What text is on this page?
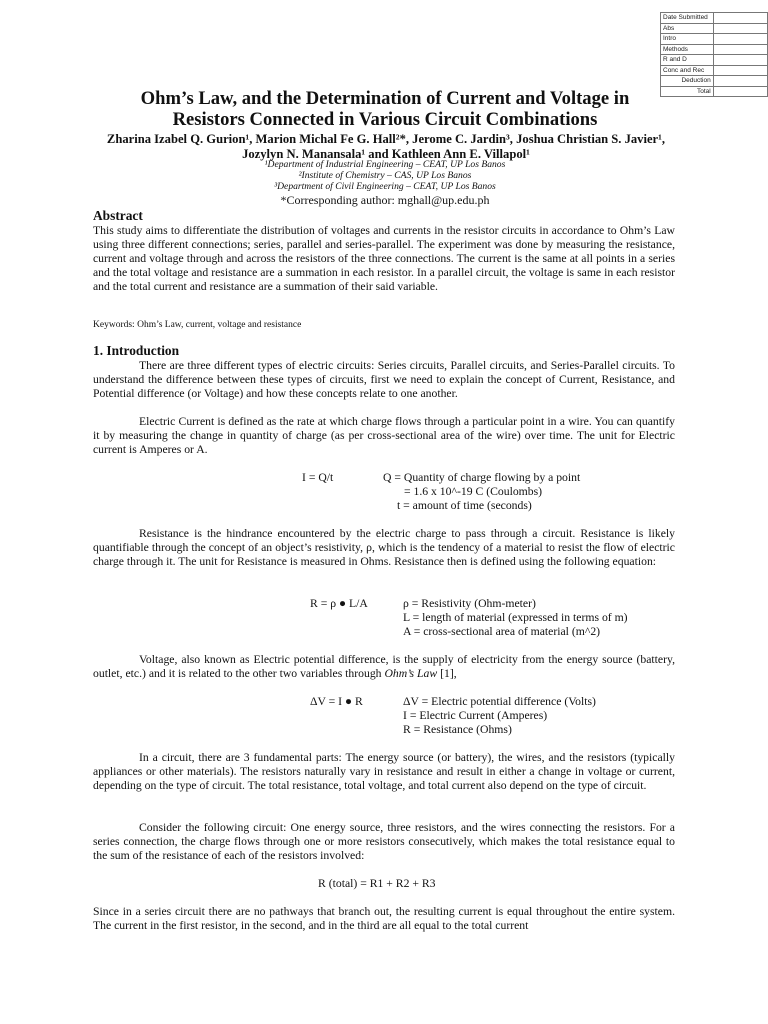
Date Submitted	
Abs	
Intro	
Methods	
R and D	
Conc and Rec	
Deduction	
Total	
Ohm’s Law, and the Determination of Current and Voltage in
Resistors Connected in Various Circuit Combinations
Zharina Izabel Q. Gurion¹, Marion Michal Fe G. Hall²*, Jerome C. Jardin³, Joshua Christian S. Javier¹,
Jozylyn N. Manansala¹ and Kathleen Ann E. Villapol¹
¹Department of Industrial Engineering – CEAT, UP Los Banos
²Institute of Chemistry – CAS, UP Los Banos
³Department of Civil Engineering – CEAT, UP Los Banos
*Corresponding author: mghall@up.edu.ph
Abstract

This study aims to differentiate the distribution of voltages and currents in the resistor circuits in accordance to Ohm’s Law using three different connections; series, parallel and series-parallel. The experiment was done by measuring the resistance, current and voltage through and across the resistors of the three connections. The current is the same at all points in a series and the total voltage and resistance are a summation in each resistor. In a parallel circuit, the voltage is same in each resistor and the total current and resistance are a summation of their said variable.

Keywords: Ohm’s Law, current, voltage and resistance
1. Introduction

There are three different types of electric circuits: Series circuits, Parallel circuits, and Series-Parallel circuits. To understand the difference between these types of circuits, first we need to explain the concept of Current, Resistance, and Potential difference (or Voltage) and how these concepts relate to one another.

Electric Current is defined as the rate at which charge flows through a particular point in a wire. You can quantify it by measuring the change in quantity of charge (as per cross-sectional area of the wire) over time. The unit for Electric current is Amperes or A.

I = Q/t	Q = Quantity of charge flowing by a point
= 1.6 x 10^-19 C (Coulombs)
t = amount of time (seconds)

Resistance is the hindrance encountered by the electric charge to pass through a circuit. Resistance is likely quantifiable through the concept of an object’s resistivity, ρ, which is the tendency of a material to resist the flow of electric charge through it. The unit for Resistance is measured in Ohms. Resistance then is defined using the following equation:

R = ρ ● L/A	ρ = Resistivity (Ohm-meter)
L = length of material (expressed in terms of m)
A = cross-sectional area of material (m^2)

Voltage, also known as Electric potential difference, is the supply of electricity from the energy source (battery, outlet, etc.) and it is related to the other two variables through Ohm’s Law [1],

ΔV = I ● R	ΔV = Electric potential difference (Volts)
I = Electric Current (Amperes)
R = Resistance (Ohms)

In a circuit, there are 3 fundamental parts: The energy source (or battery), the wires, and the resistors (typically appliances or other materials). The resistors naturally vary in resistance and result in either a change in voltage or current, depending on the type of circuit. The total resistance, total voltage, and total current also depend on the type of circuit.

Consider the following circuit: One energy source, three resistors, and the wires connecting the resistors. For a series connection, the charge flows through one or more resistors consecutively, which makes the total resistance equal to the sum of the resistance of each of the resistors involved:

R (total) = R1 + R2 + R3

Since in a series circuit there are no pathways that branch out, the resulting current is equal throughout the entire system. The current in the first resistor, in the second, and in the third are all equal to the total current
